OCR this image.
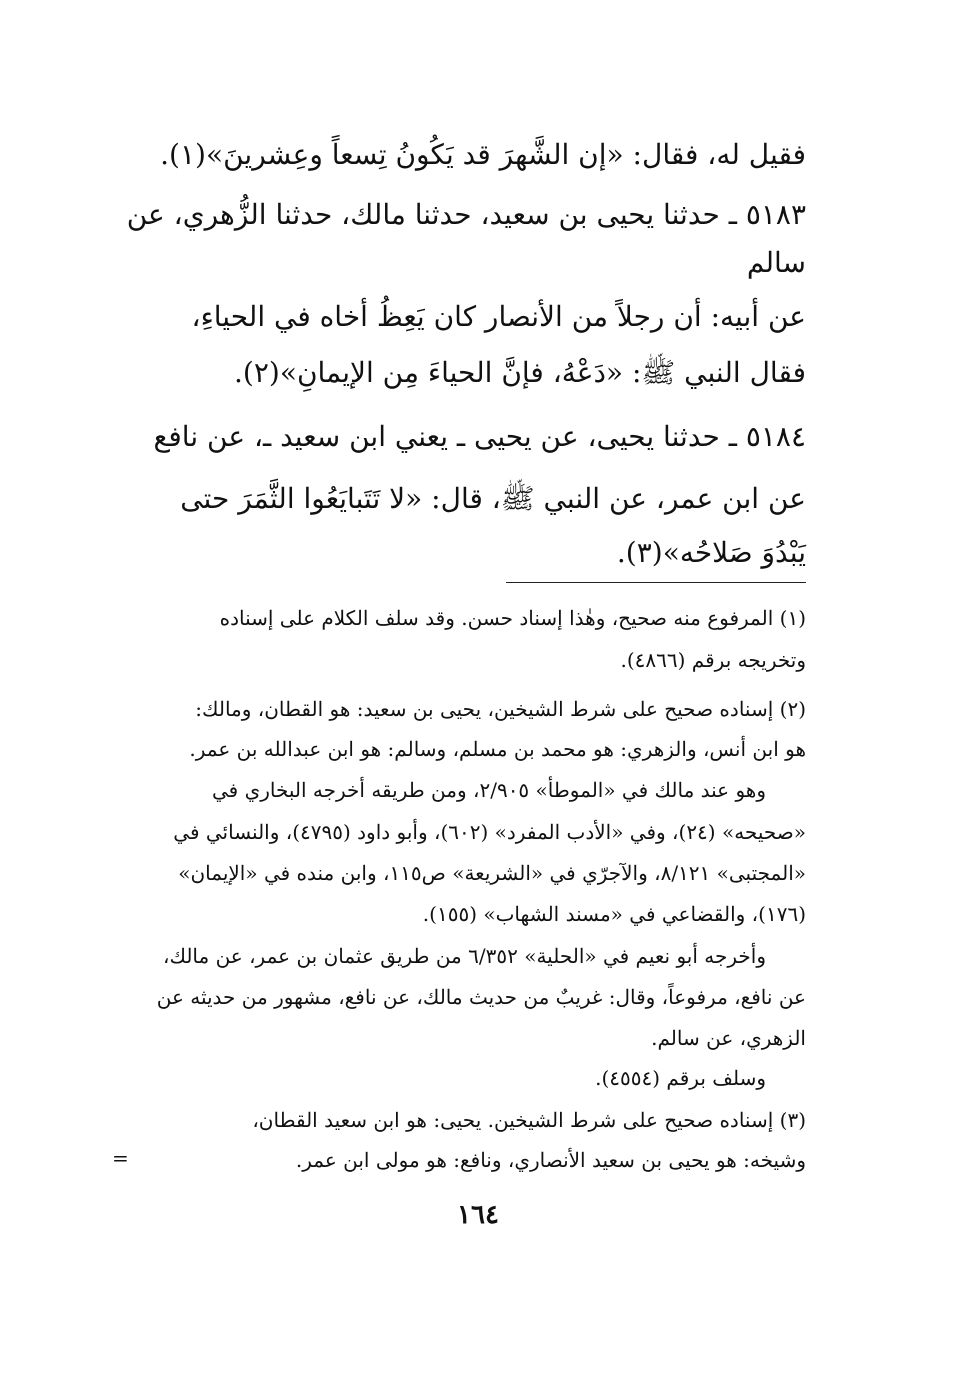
فقيل له، فقال: «إن الشَّهرَ قد يَكُونُ تِسعاً وعِشرينَ»(١).
٥١٨٣ ـ حدثنا يحيى بن سعيد، حدثنا مالك، حدثنا الزُّهري، عن
سالم
عن أبيه: أن رجلاً من الأنصار كان يَعِظُ أخاه في الحياءِ،
فقال النبي ﷺ: «دَعْهُ، فإنَّ الحياءَ مِن الإيمانِ»(٢).
٥١٨٤ ـ حدثنا يحيى، عن يحيى ـ يعني ابن سعيد ـ، عن نافع
عن ابن عمر، عن النبي ﷺ، قال: «لا تَتَبايَعُوا الثَّمَرَ حتى
يَبْدُوَ صَلاحُه»(٣).
(١) المرفوع منه صحيح، وهٰذا إسناد حسن. وقد سلف الكلام على إسناده
وتخريجه برقم (٤٨٦٦).
(٢) إسناده صحيح على شرط الشيخين، يحيى بن سعيد: هو القطان، ومالك:
هو ابن أنس، والزهري: هو محمد بن مسلم، وسالم: هو ابن عبدالله بن عمر.
وهو عند مالك في «الموطأ» ٢/٩٠٥، ومن طريقه أخرجه البخاري في
«صحيحه» (٢٤)، وفي «الأدب المفرد» (٦٠٢)، وأبو داود (٤٧٩٥)، والنسائي في
«المجتبى» ٨/١٢١، والآجرّي في «الشريعة» ص١١٥، وابن منده في «الإيمان»
(١٧٦)، والقضاعي في «مسند الشهاب» (١٥٥).
وأخرجه أبو نعيم في «الحلية» ٦/٣٥٢ من طريق عثمان بن عمر، عن مالك،
عن نافع، مرفوعاً، وقال: غريبٌ من حديث مالك، عن نافع، مشهور من حديثه عن
الزهري، عن سالم.
وسلف برقم (٤٥٥٤).
(٣) إسناده صحيح على شرط الشيخين. يحيى: هو ابن سعيد القطان،
وشيخه: هو يحيى بن سعيد الأنصاري، ونافع: هو مولى ابن عمر.
=
١٦٤
